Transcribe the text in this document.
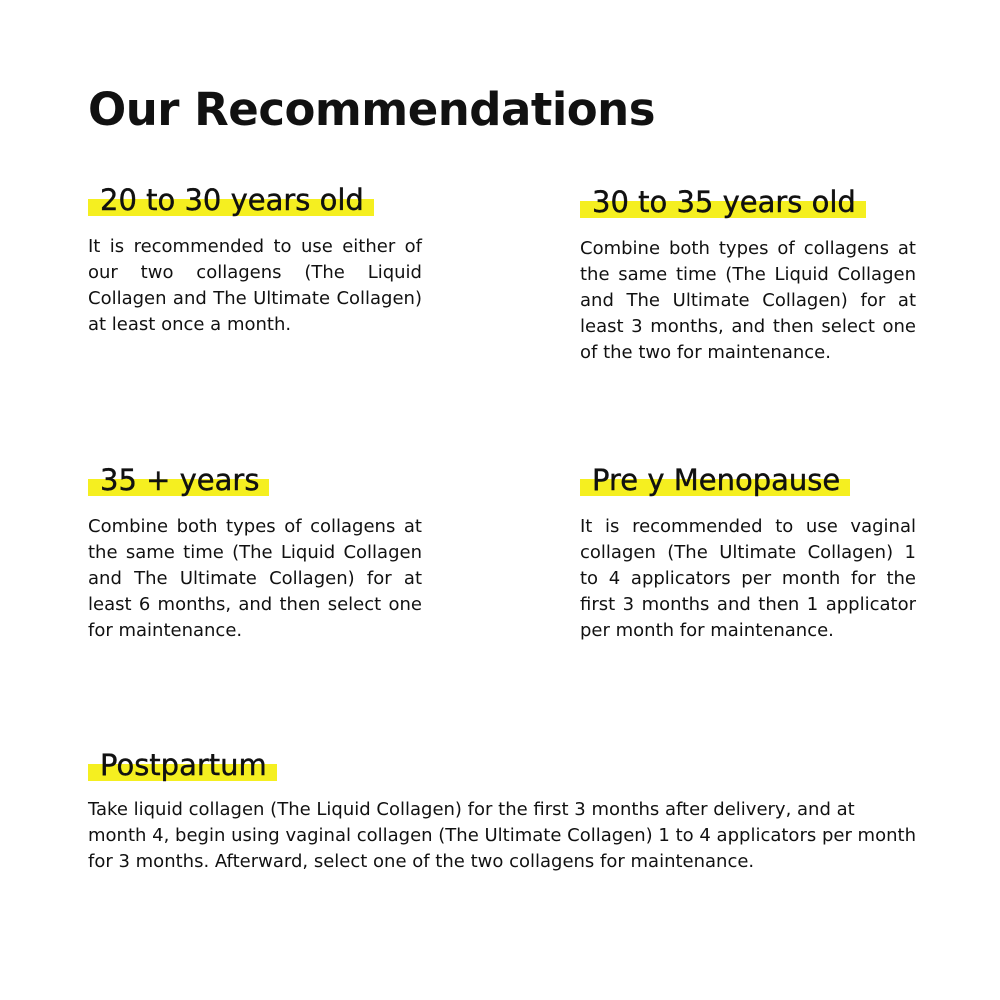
Our Recommendations
20 to 30 years old

It is recommended to use either of our two collagens (The Liquid Collagen and The Ultimate Collagen) at least once a month.

30 to 35 years old

Combine both types of collagens at the same time (The Liquid Collagen and The Ultimate Collagen) for at least 3 months, and then select one of the two for maintenance.

35 + years

Combine both types of collagens at the same time (The Liquid Collagen and The Ultimate Collagen) for at least 6 months, and then select one for maintenance.

Pre y Menopause

It is recommended to use vaginal collagen (The Ultimate Collagen) 1 to 4 applicators per month for the first 3 months and then 1 applicator per month for maintenance.

Postpartum

Take liquid collagen (The Liquid Collagen) for the first 3 months after delivery, and at month 4, begin using vaginal collagen (The Ultimate Collagen) 1 to 4 applicators per month for 3 months. Afterward, select one of the two collagens for maintenance.
